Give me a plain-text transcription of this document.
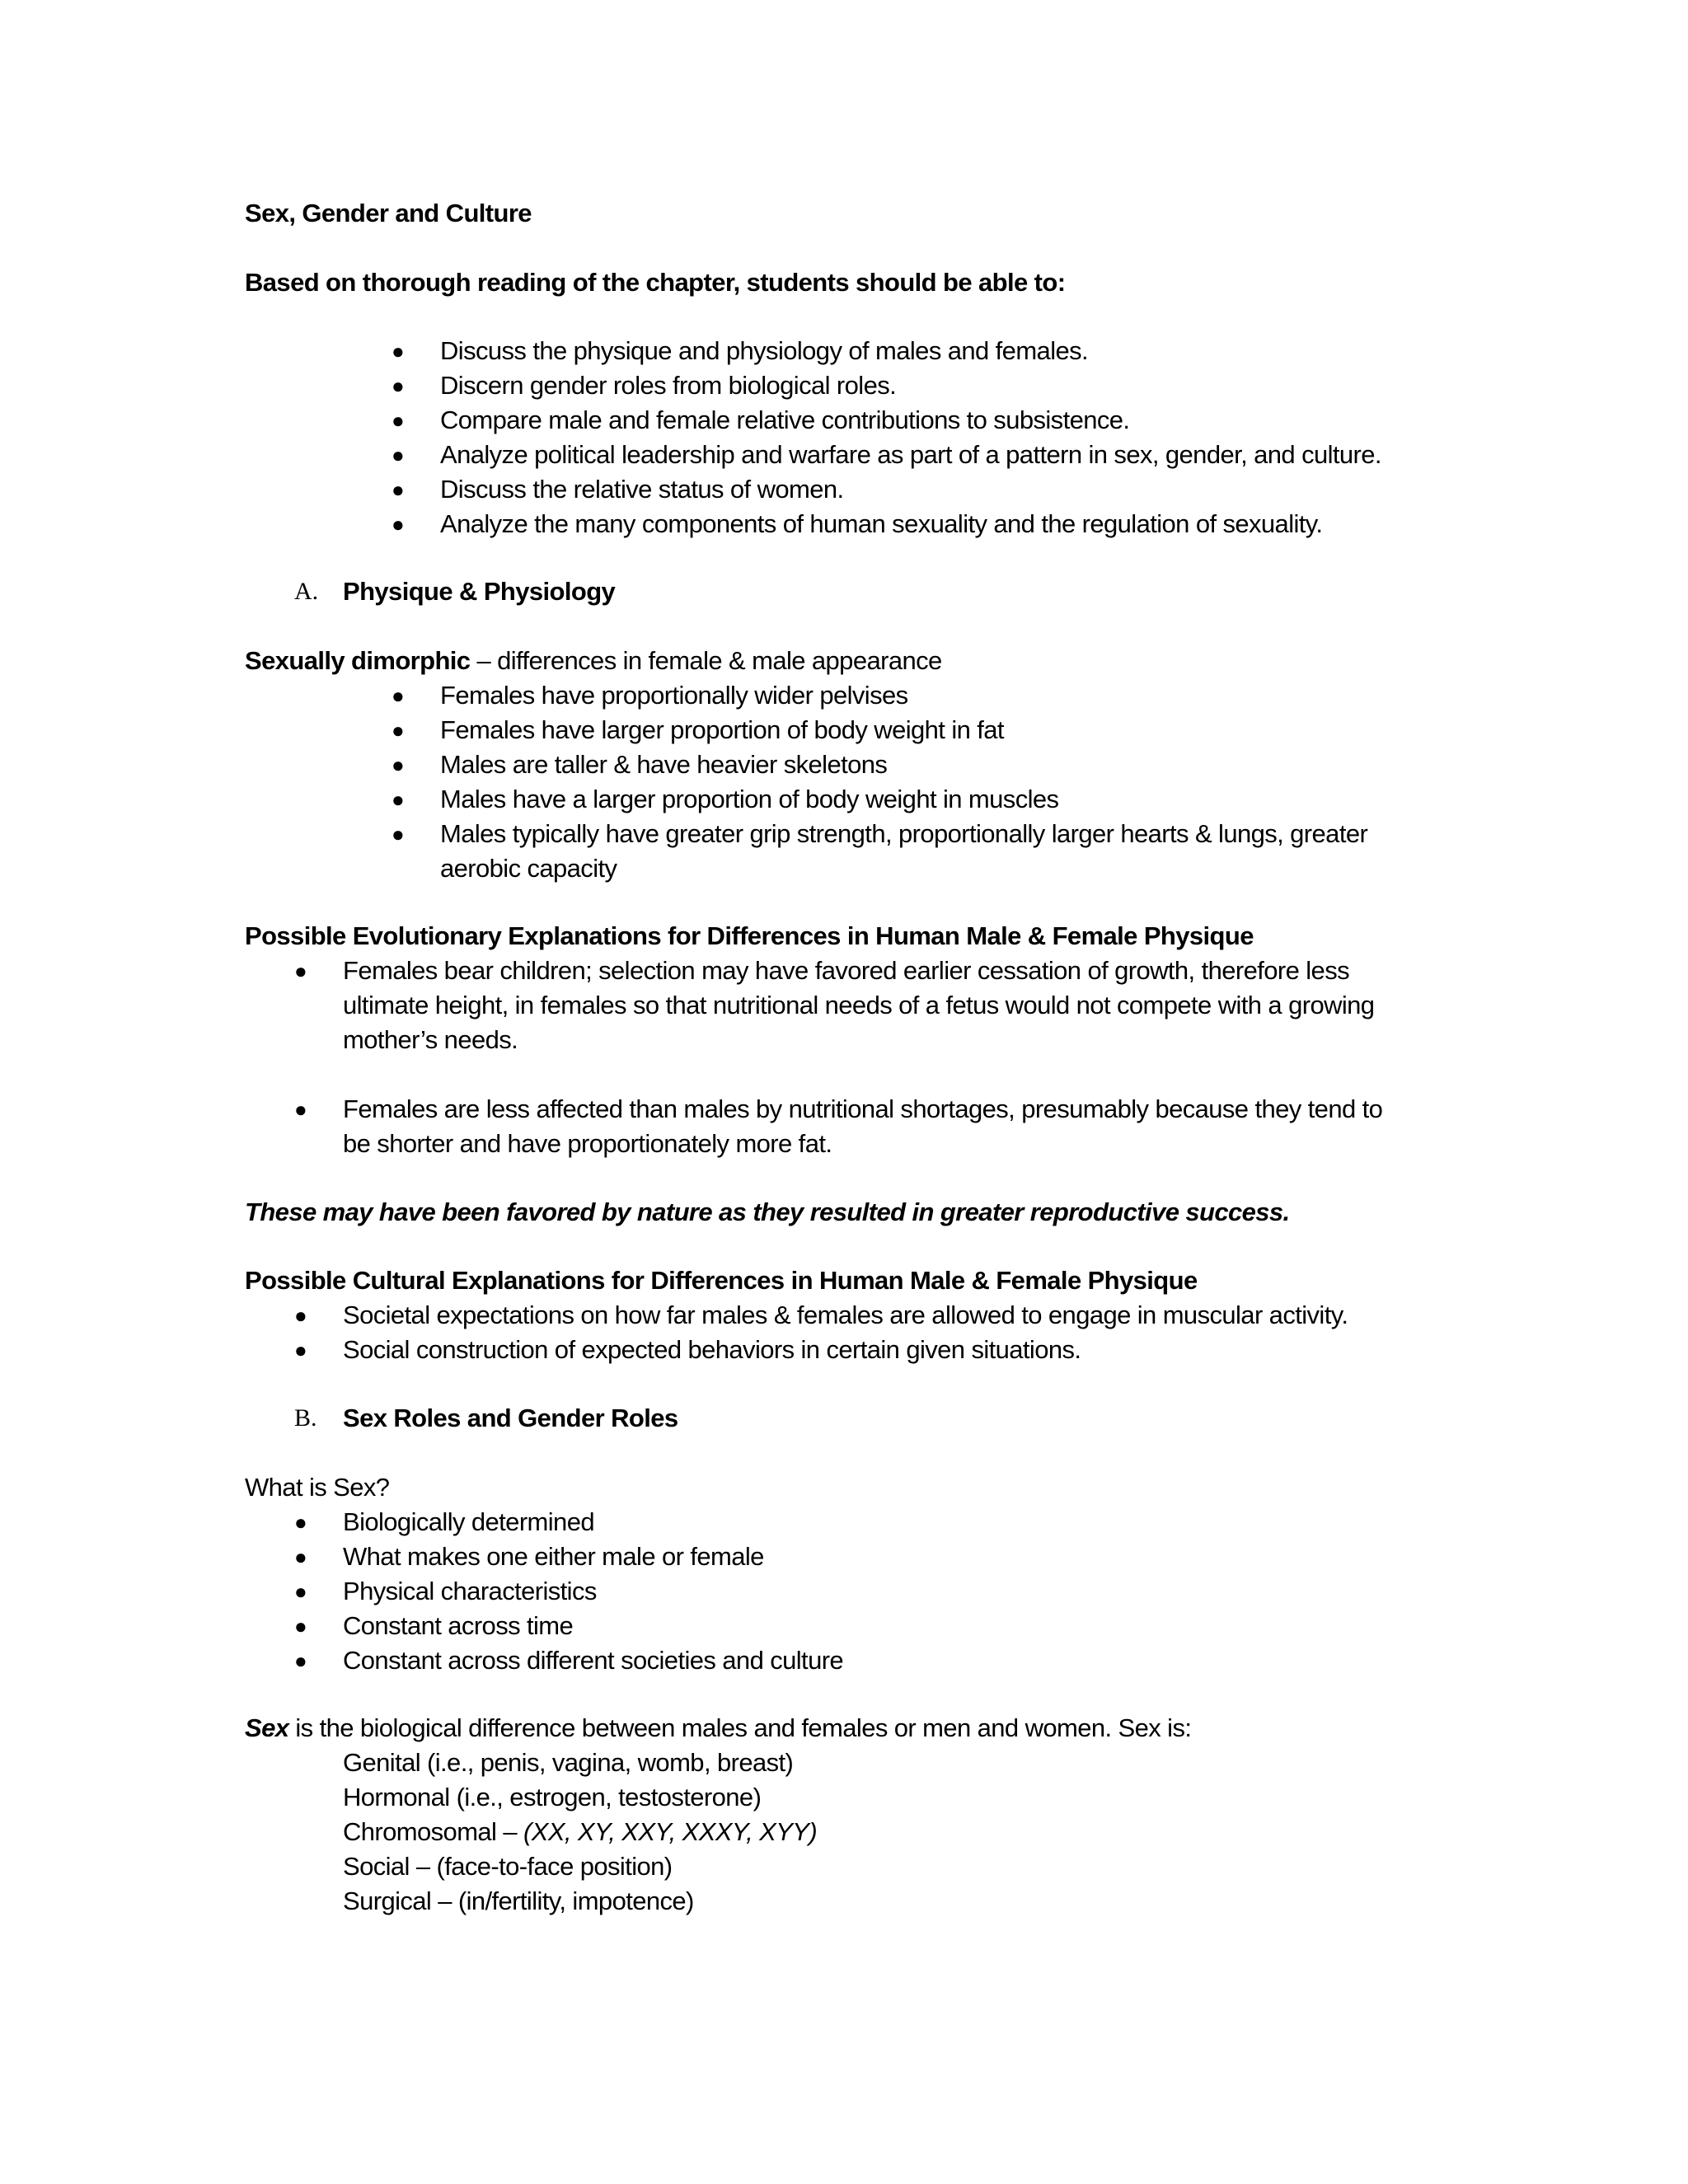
Sex, Gender and Culture
Based on thorough reading of the chapter, students should be able to:
● Discuss the physique and physiology of males and females.
● Discern gender roles from biological roles.
● Compare male and female relative contributions to subsistence.
● Analyze political leadership and warfare as part of a pattern in sex, gender, and culture.
● Discuss the relative status of women.
● Analyze the many components of human sexuality and the regulation of sexuality.
A. Physique & Physiology
Sexually dimorphic – differences in female & male appearance
● Females have proportionally wider pelvises
● Females have larger proportion of body weight in fat
● Males are taller & have heavier skeletons
● Males have a larger proportion of body weight in muscles
● Males typically have greater grip strength, proportionally larger hearts & lungs, greater
aerobic capacity
Possible Evolutionary Explanations for Differences in Human Male & Female Physique
● Females bear children; selection may have favored earlier cessation of growth, therefore less
ultimate height, in females so that nutritional needs of a fetus would not compete with a growing
mother’s needs.
● Females are less affected than males by nutritional shortages, presumably because they tend to
be shorter and have proportionately more fat.
These may have been favored by nature as they resulted in greater reproductive success.
Possible Cultural Explanations for Differences in Human Male & Female Physique
● Societal expectations on how far males & females are allowed to engage in muscular activity.
● Social construction of expected behaviors in certain given situations.
B. Sex Roles and Gender Roles
What is Sex?
● Biologically determined
● What makes one either male or female
● Physical characteristics
● Constant across time
● Constant across different societies and culture
Sex is the biological difference between males and females or men and women. Sex is:
Genital (i.e., penis, vagina, womb, breast)
Hormonal (i.e., estrogen, testosterone)
Chromosomal – (XX, XY, XXY, XXXY, XYY)
Social – (face-to-face position)
Surgical – (in/fertility, impotence)
